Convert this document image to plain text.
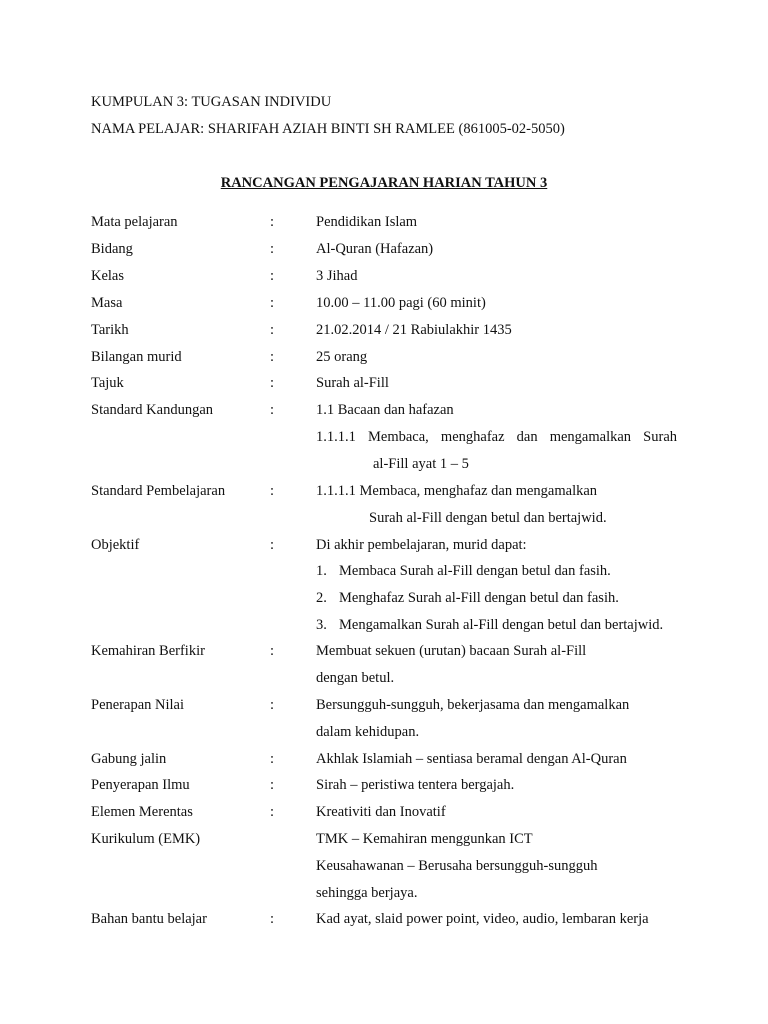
KUMPULAN 3: TUGASAN INDIVIDU
NAMA PELAJAR: SHARIFAH AZIAH BINTI SH RAMLEE (861005-02-5050)
RANCANGAN PENGAJARAN HARIAN TAHUN 3
Mata pelajaran	:	Pendidikan Islam
Bidang	:	Al-Quran (Hafazan)
Kelas	:	3 Jihad
Masa	:	10.00 – 11.00 pagi (60 minit)
Tarikh	:	21.02.2014 / 21 Rabiulakhir 1435
Bilangan murid	:	25 orang
Tajuk	:	Surah al-Fill
Standard Kandungan	:	1.1 Bacaan dan hafazan
1.1.1.1 Membaca, menghafaz dan mengamalkan Surah
al-Fill ayat 1 – 5
Standard Pembelajaran	:	1.1.1.1 Membaca, menghafaz dan mengamalkan
Surah al-Fill dengan betul dan bertajwid.
Objektif	:	Di akhir pembelajaran, murid dapat:
1. Membaca Surah al-Fill dengan betul dan fasih.
2. Menghafaz Surah al-Fill dengan betul dan fasih.
3. Mengamalkan Surah al-Fill dengan betul dan bertajwid.
Kemahiran Berfikir	:	Membuat sekuen (urutan) bacaan Surah al-Fill
dengan betul.
Penerapan Nilai	:	Bersungguh-sungguh, bekerjasama dan mengamalkan
dalam kehidupan.
Gabung jalin	:	Akhlak Islamiah – sentiasa beramal dengan Al-Quran
Penyerapan Ilmu	:	Sirah – peristiwa tentera bergajah.
Elemen Merentas	:	Kreativiti dan Inovatif
Kurikulum (EMK)	TMK – Kemahiran menggunkan ICT
Keusahawanan – Berusaha bersungguh-sungguh
sehingga berjaya.
Bahan bantu belajar	:	Kad ayat, slaid power point, video, audio, lembaran kerja
